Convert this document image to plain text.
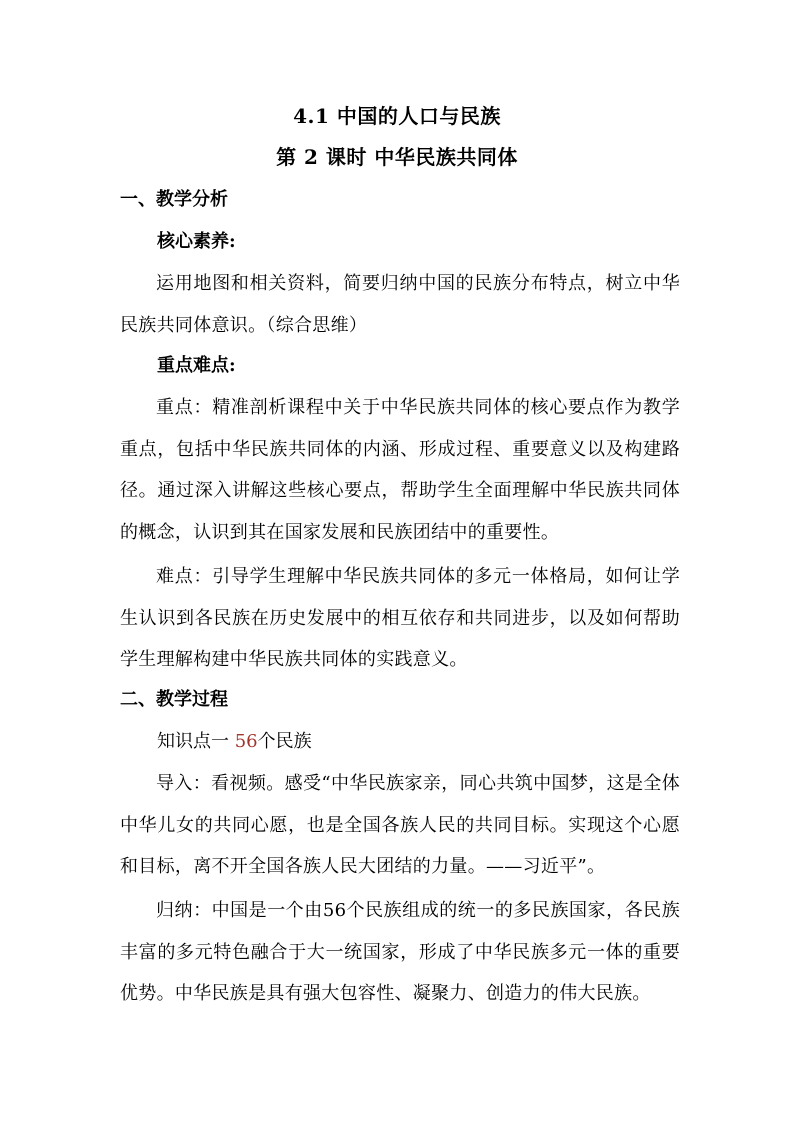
4.1 中国的人口与民族
第 2 课时 中华民族共同体
一、教学分析
核心素养:
运用地图和相关资料，简要归纳中国的民族分布特点，树立中华民族共同体意识。（综合思维）
重点难点:
重点：精准剖析课程中关于中华民族共同体的核心要点作为教学重点，包括中华民族共同体的内涵、形成过程、重要意义以及构建路径。通过深入讲解这些核心要点，帮助学生全面理解中华民族共同体的概念，认识到其在国家发展和民族团结中的重要性。
难点：引导学生理解中华民族共同体的多元一体格局，如何让学生认识到各民族在历史发展中的相互依存和共同进步，以及如何帮助学生理解构建中华民族共同体的实践意义。
二、教学过程
知识点一 56个民族
导入：看视频。感受“中华民族家亲，同心共筑中国梦，这是全体中华儿女的共同心愿，也是全国各族人民的共同目标。实现这个心愿和目标，离不开全国各族人民大团结的力量。——习近平”。
归纳：中国是一个由56个民族组成的统一的多民族国家，各民族丰富的多元特色融合于大一统国家，形成了中华民族多元一体的重要优势。中华民族是具有强大包容性、凝聚力、创造力的伟大民族。
